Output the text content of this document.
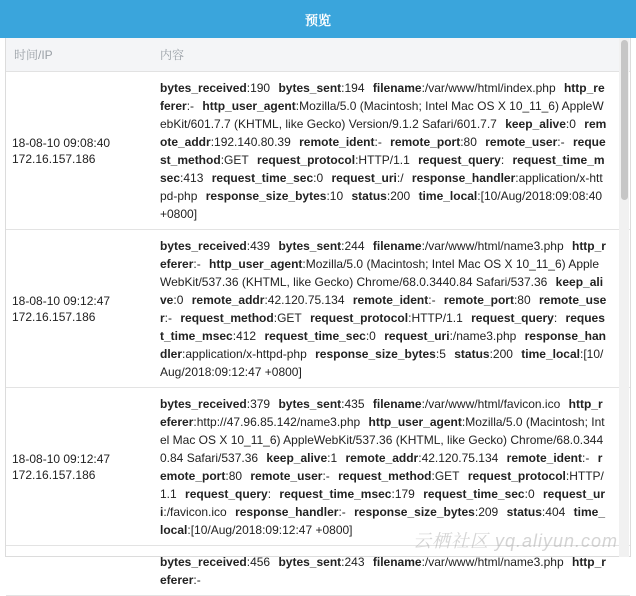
预览
时间/IP	内容
18-08-10 09:08:40
172.16.157.186
bytes_received:190 bytes_sent:194 filename:/var/www/html/index.php http_referer:- http_user_agent:Mozilla/5.0 (Macintosh; Intel Mac OS X 10_11_6) AppleWebKit/601.7.7 (KHTML, like Gecko) Version/9.1.2 Safari/601.7.7 keep_alive:0 remote_addr:192.140.80.39 remote_ident:- remote_port:80 remote_user:- request_method:GET request_protocol:HTTP/1.1 request_query: request_time_msec:413 request_time_sec:0 request_uri:/ response_handler:application/x-httpd-php response_size_bytes:10 status:200 time_local:[10/Aug/2018:09:08:40 +0800]
18-08-10 09:12:47
172.16.157.186
bytes_received:439 bytes_sent:244 filename:/var/www/html/name3.php http_referer:- http_user_agent:Mozilla/5.0 (Macintosh; Intel Mac OS X 10_11_6) AppleWebKit/537.36 (KHTML, like Gecko) Chrome/68.0.3440.84 Safari/537.36 keep_alive:0 remote_addr:42.120.75.134 remote_ident:- remote_port:80 remote_user:- request_method:GET request_protocol:HTTP/1.1 request_query: request_time_msec:412 request_time_sec:0 request_uri:/name3.php response_handler:application/x-httpd-php response_size_bytes:5 status:200 time_local:[10/Aug/2018:09:12:47 +0800]
18-08-10 09:12:47
172.16.157.186
bytes_received:379 bytes_sent:435 filename:/var/www/html/favicon.ico http_referer:http://47.96.85.142/name3.php http_user_agent:Mozilla/5.0 (Macintosh; Intel Mac OS X 10_11_6) AppleWebKit/537.36 (KHTML, like Gecko) Chrome/68.0.3440.84 Safari/537.36 keep_alive:1 remote_addr:42.120.75.134 remote_ident:- remote_port:80 remote_user:- request_method:GET request_protocol:HTTP/1.1 request_query: request_time_msec:179 request_time_sec:0 request_uri:/favicon.ico response_handler:- response_size_bytes:209 status:404 time_local:[10/Aug/2018:09:12:47 +0800]
bytes_received:456 bytes_sent:243 filename:/var/www/html/name3.php http_referer:-
云栖社区 yq.aliyun.com
